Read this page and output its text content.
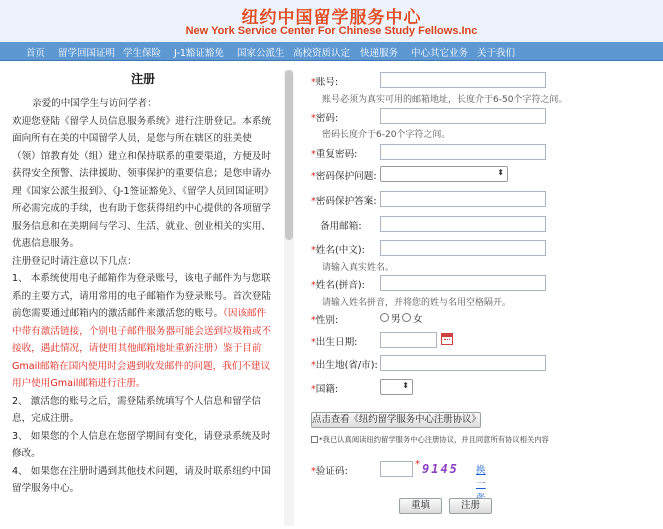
纽约中国留学服务中心
New York Service Center For Chinese Study Fellows.Inc
首页 留学回国证明 学生保险 J-1豁证豁免 国家公派生 高校资质认定 快递服务 中心其它业务 关于我们
注册
亲爱的中国学生与访问学者：
欢迎您登陆《留学人员信息服务系统》进行注册登记。本系统面向所有在美的中国留学人员，是您与所在辖区的驻美使（领）馆教育处（组）建立和保持联系的重要渠道，方便及时获得安全预警、法律援助、领事保护的重要信息；是您申请办理《国家公派生报到》、《J-1签证豁免》、《留学人员回国证明》所必需完成的手续，也有助于您获得纽约中心提供的各项留学服务信息和在美期间与学习、生活、就业、创业相关的实用、优惠信息服务。
注册登记时请注意以下几点：
1、 本系统使用电子邮箱作为登录账号，该电子邮件为与您联系的主要方式，请用常用的电子邮箱作为登录账号。首次登陆前您需要通过邮箱内的激活邮件来激活您的账号。（因该邮件中带有激活链接，个别电子邮件服务器可能会送到垃圾箱或不接收，遇此情况，请使用其他邮箱地址重新注册）鉴于目前Gmail邮箱在国内使用时会遇到收发邮件的问题，我们不建议用户使用Gmail邮箱进行注册。
2、 激活您的账号之后，需登陆系统填写个人信息和留学信息，完成注册。
3、 如果您的个人信息在您留学期间有变化，请登录系统及时修改。
4、 如果您在注册时遇到其他技术问题，请及时联系纽约中国留学服务中心。
*账号:
账号必须为真实可用的邮箱地址，长度介于6-50个字符之间。
*密码:
密码长度介于6-20个字符之间。
*重复密码:
*密码保护问题:	⬍
*密码保护答案:
备用邮箱:
*姓名(中文):
请输入真实姓名。
*姓名(拼音):
请输入姓名拼音，并将您的姓与名用空格隔开。
*性别:	男 女
*出生日期:
*出生地(省/市):
*国籍:	⬍
点击查看《纽约留学服务中心注册协议》
*我已认真阅读纽约留学服务中心注册协议，并且同意所有协议相关内容
*验证码:
* 9145	换一
重填	注册
